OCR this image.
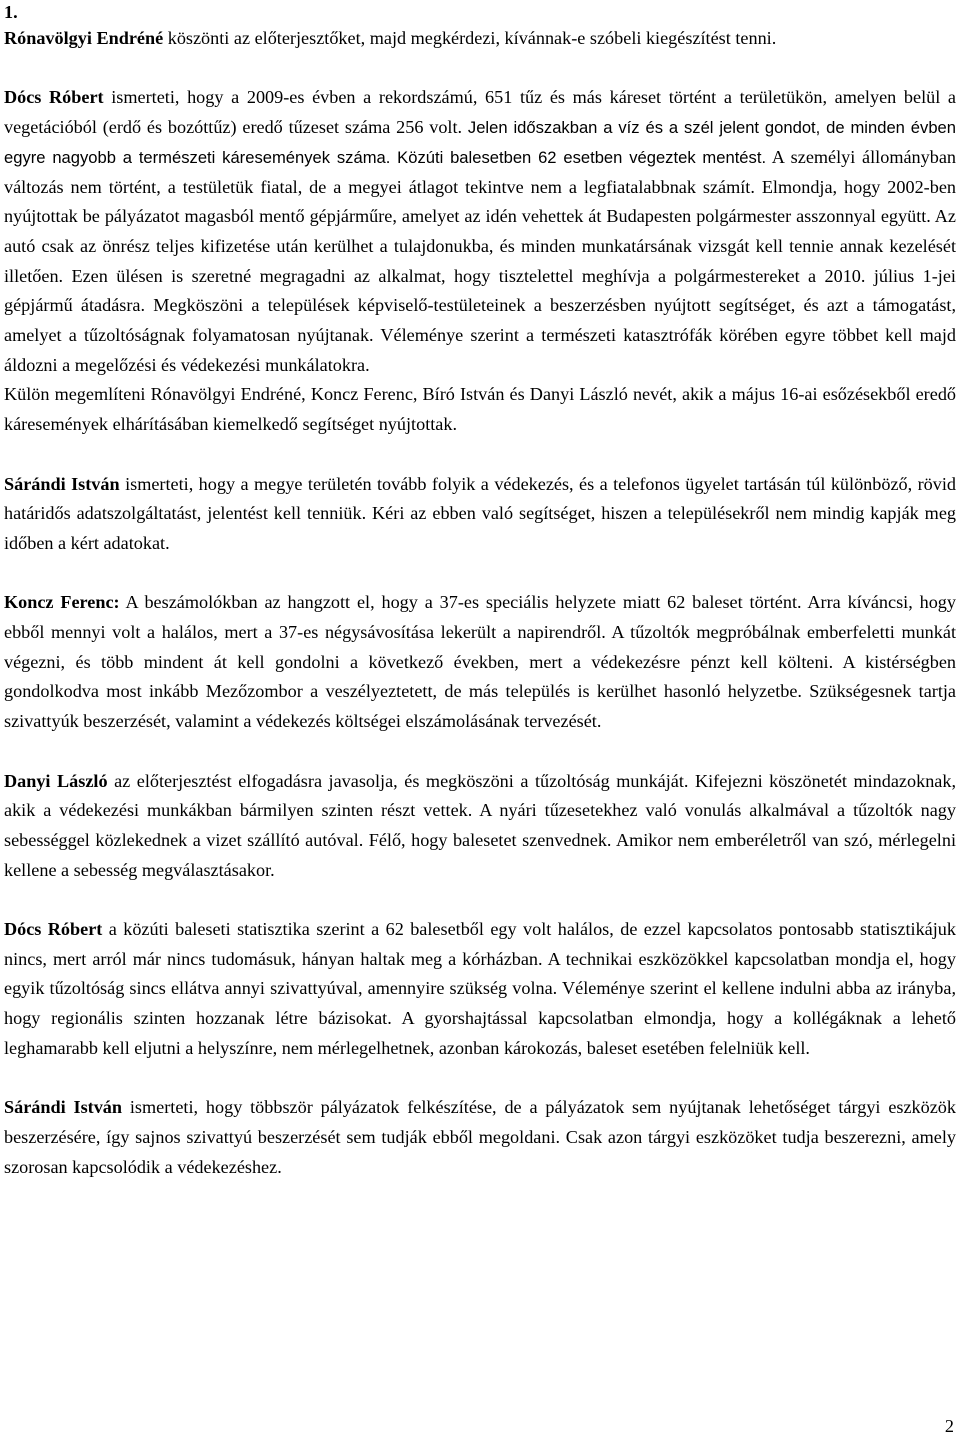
1.

Rónavölgyi Endréné köszönti az előterjesztőket, majd megkérdezi, kívánnak-e szóbeli kiegészítést tenni.

Dócs Róbert ismerteti, hogy a 2009-es évben a rekordszámú, 651 tűz és más káreset történt a területükön, amelyen belül a vegetációból (erdő és bozóttűz) eredő tűzeset száma 256 volt. Jelen időszakban a víz és a szél jelent gondot, de minden évben egyre nagyobb a természeti káresemények száma. Közúti balesetben 62 esetben végeztek mentést. A személyi állományban változás nem történt, a testületük fiatal, de a megyei átlagot tekintve nem a legfiatalabbnak számít. Elmondja, hogy 2002-ben nyújtottak be pályázatot magasból mentő gépjárműre, amelyet az idén vehettek át Budapesten polgármester asszonnyal együtt. Az autó csak az önrész teljes kifizetése után kerülhet a tulajdonukba, és minden munkatársának vizsgát kell tennie annak kezelését illetően. Ezen ülésen is szeretné megragadni az alkalmat, hogy tisztelettel meghívja a polgármestereket a 2010. július 1-jei gépjármű átadásra. Megköszöni a települések képviselő-testületeinek a beszerzésben nyújtott segítséget, és azt a támogatást, amelyet a tűzoltóságnak folyamatosan nyújtanak. Véleménye szerint a természeti katasztrófák körében egyre többet kell majd áldozni a megelőzési és védekezési munkálatokra.

Külön megemlíteni Rónavölgyi Endréné, Koncz Ferenc, Bíró István és Danyi László nevét, akik a május 16-ai esőzésekből eredő káresemények elhárításában kiemelkedő segítséget nyújtottak.

Sárándi István ismerteti, hogy a megye területén tovább folyik a védekezés, és a telefonos ügyelet tartásán túl különböző, rövid határidős adatszolgáltatást, jelentést kell tenniük. Kéri az ebben való segítséget, hiszen a településekről nem mindig kapják meg időben a kért adatokat.

Koncz Ferenc: A beszámolókban az hangzott el, hogy a 37-es speciális helyzete miatt 62 baleset történt. Arra kíváncsi, hogy ebből mennyi volt a halálos, mert a 37-es négysávosítása lekerült a napirendről. A tűzoltók megpróbálnak emberfeletti munkát végezni, és több mindent át kell gondolni a következő években, mert a védekezésre pénzt kell költeni. A kistérségben gondolkodva most inkább Mezőzombor a veszélyeztetett, de más település is kerülhet hasonló helyzetbe. Szükségesnek tartja szivattyúk beszerzését, valamint a védekezés költségei elszámolásának tervezését.

Danyi László az előterjesztést elfogadásra javasolja, és megköszöni a tűzoltóság munkáját. Kifejezni köszönetét mindazoknak, akik a védekezési munkákban bármilyen szinten részt vettek. A nyári tűzesetekhez való vonulás alkalmával a tűzoltók nagy sebességgel közlekednek a vizet szállító autóval. Félő, hogy balesetet szenvednek. Amikor nem emberéletről van szó, mérlegelni kellene a sebesség megválasztásakor.

Dócs Róbert a közúti baleseti statisztika szerint a 62 balesetből egy volt halálos, de ezzel kapcsolatos pontosabb statisztikájuk nincs, mert arról már nincs tudomásuk, hányan haltak meg a kórházban. A technikai eszközökkel kapcsolatban mondja el, hogy egyik tűzoltóság sincs ellátva annyi szivattyúval, amennyire szükség volna. Véleménye szerint el kellene indulni abba az irányba, hogy regionális szinten hozzanak létre bázisokat. A gyorshajtással kapcsolatban elmondja, hogy a kollégáknak a lehető leghamarabb kell eljutni a helyszínre, nem mérlegelhetnek, azonban károkozás, baleset esetében felelniük kell.

Sárándi István ismerteti, hogy többször pályázatok felkészítése, de a pályázatok sem nyújtanak lehetőséget tárgyi eszközök beszerzésére, így sajnos szivattyú beszerzését sem tudják ebből megoldani. Csak azon tárgyi eszközöket tudja beszerezni, amely szorosan kapcsolódik a védekezéshez.

2
